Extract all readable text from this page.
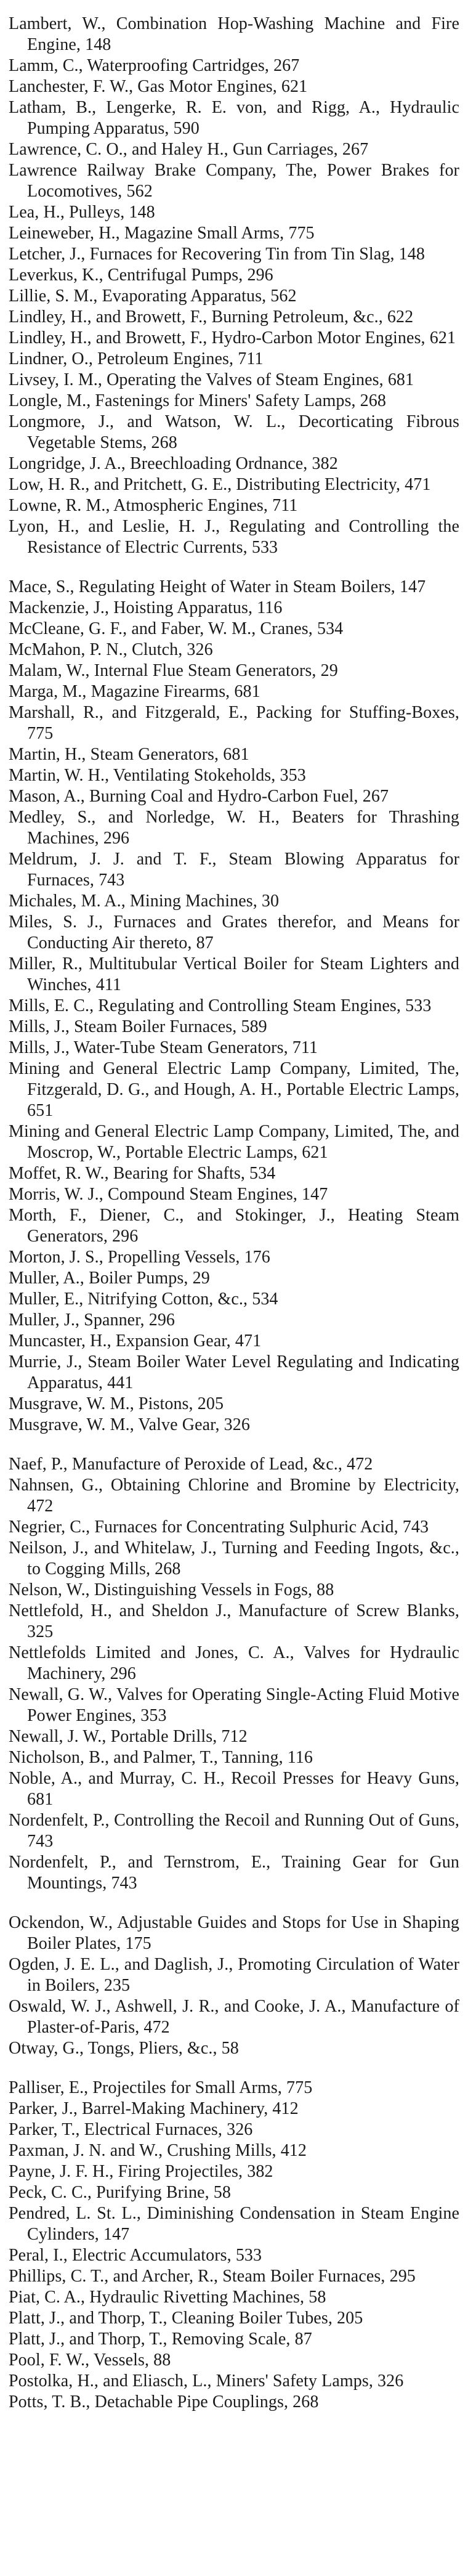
Lambert, W., Combination Hop-Washing Machine and Fire Engine, 148

Lamm, C., Waterproofing Cartridges, 267

Lanchester, F. W., Gas Motor Engines, 621

Latham, B., Lengerke, R. E. von, and Rigg, A., Hydraulic Pumping Apparatus, 590

Lawrence, C. O., and Haley H., Gun Carriages, 267

Lawrence Railway Brake Company, The, Power Brakes for Locomotives, 562

Lea, H., Pulleys, 148

Leineweber, H., Magazine Small Arms, 775

Letcher, J., Furnaces for Recovering Tin from Tin Slag, 148

Leverkus, K., Centrifugal Pumps, 296

Lillie, S. M., Evaporating Apparatus, 562

Lindley, H., and Browett, F., Burning Petroleum, &c., 622

Lindley, H., and Browett, F., Hydro-Carbon Motor Engines, 621

Lindner, O., Petroleum Engines, 711

Livsey, I. M., Operating the Valves of Steam Engines, 681

Longle, M., Fastenings for Miners' Safety Lamps, 268

Longmore, J., and Watson, W. L., Decorticating Fibrous Vegetable Stems, 268

Longridge, J. A., Breechloading Ordnance, 382

Low, H. R., and Pritchett, G. E., Distributing Electricity, 471

Lowne, R. M., Atmospheric Engines, 711

Lyon, H., and Leslie, H. J., Regulating and Controlling the Resistance of Electric Currents, 533

Mace, S., Regulating Height of Water in Steam Boilers, 147

Mackenzie, J., Hoisting Apparatus, 116

McCleane, G. F., and Faber, W. M., Cranes, 534

McMahon, P. N., Clutch, 326

Malam, W., Internal Flue Steam Generators, 29

Marga, M., Magazine Firearms, 681

Marshall, R., and Fitzgerald, E., Packing for Stuffing-Boxes, 775

Martin, H., Steam Generators, 681

Martin, W. H., Ventilating Stokeholds, 353

Mason, A., Burning Coal and Hydro-Carbon Fuel, 267

Medley, S., and Norledge, W. H., Beaters for Thrashing Machines, 296

Meldrum, J. J. and T. F., Steam Blowing Apparatus for Furnaces, 743

Michales, M. A., Mining Machines, 30

Miles, S. J., Furnaces and Grates therefor, and Means for Conducting Air thereto, 87

Miller, R., Multitubular Vertical Boiler for Steam Lighters and Winches, 411

Mills, E. C., Regulating and Controlling Steam Engines, 533

Mills, J., Steam Boiler Furnaces, 589

Mills, J., Water-Tube Steam Generators, 711

Mining and General Electric Lamp Company, Limited, The, Fitzgerald, D. G., and Hough, A. H., Portable Electric Lamps, 651

Mining and General Electric Lamp Company, Limited, The, and Moscrop, W., Portable Electric Lamps, 621

Moffet, R. W., Bearing for Shafts, 534

Morris, W. J., Compound Steam Engines, 147

Morth, F., Diener, C., and Stokinger, J., Heating Steam Generators, 296

Morton, J. S., Propelling Vessels, 176

Muller, A., Boiler Pumps, 29

Muller, E., Nitrifying Cotton, &c., 534

Muller, J., Spanner, 296

Muncaster, H., Expansion Gear, 471

Murrie, J., Steam Boiler Water Level Regulating and Indicating Apparatus, 441

Musgrave, W. M., Pistons, 205

Musgrave, W. M., Valve Gear, 326

Naef, P., Manufacture of Peroxide of Lead, &c., 472

Nahnsen, G., Obtaining Chlorine and Bromine by Electricity, 472

Negrier, C., Furnaces for Concentrating Sulphuric Acid, 743

Neilson, J., and Whitelaw, J., Turning and Feeding Ingots, &c., to Cogging Mills, 268

Nelson, W., Distinguishing Vessels in Fogs, 88

Nettlefold, H., and Sheldon J., Manufacture of Screw Blanks, 325

Nettlefolds Limited and Jones, C. A., Valves for Hydraulic Machinery, 296

Newall, G. W., Valves for Operating Single-Acting Fluid Motive Power Engines, 353

Newall, J. W., Portable Drills, 712

Nicholson, B., and Palmer, T., Tanning, 116

Noble, A., and Murray, C. H., Recoil Presses for Heavy Guns, 681

Nordenfelt, P., Controlling the Recoil and Running Out of Guns, 743

Nordenfelt, P., and Ternstrom, E., Training Gear for Gun Mountings, 743

Ockendon, W., Adjustable Guides and Stops for Use in Shaping Boiler Plates, 175

Ogden, J. E. L., and Daglish, J., Promoting Circulation of Water in Boilers, 235

Oswald, W. J., Ashwell, J. R., and Cooke, J. A., Manufacture of Plaster-of-Paris, 472

Otway, G., Tongs, Pliers, &c., 58

Palliser, E., Projectiles for Small Arms, 775

Parker, J., Barrel-Making Machinery, 412

Parker, T., Electrical Furnaces, 326

Paxman, J. N. and W., Crushing Mills, 412

Payne, J. F. H., Firing Projectiles, 382

Peck, C. C., Purifying Brine, 58

Pendred, L. St. L., Diminishing Condensation in Steam Engine Cylinders, 147

Peral, I., Electric Accumulators, 533

Phillips, C. T., and Archer, R., Steam Boiler Furnaces, 295

Piat, C. A., Hydraulic Rivetting Machines, 58

Platt, J., and Thorp, T., Cleaning Boiler Tubes, 205

Platt, J., and Thorp, T., Removing Scale, 87

Pool, F. W., Vessels, 88

Postolka, H., and Eliasch, L., Miners' Safety Lamps, 326

Potts, T. B., Detachable Pipe Couplings, 268
